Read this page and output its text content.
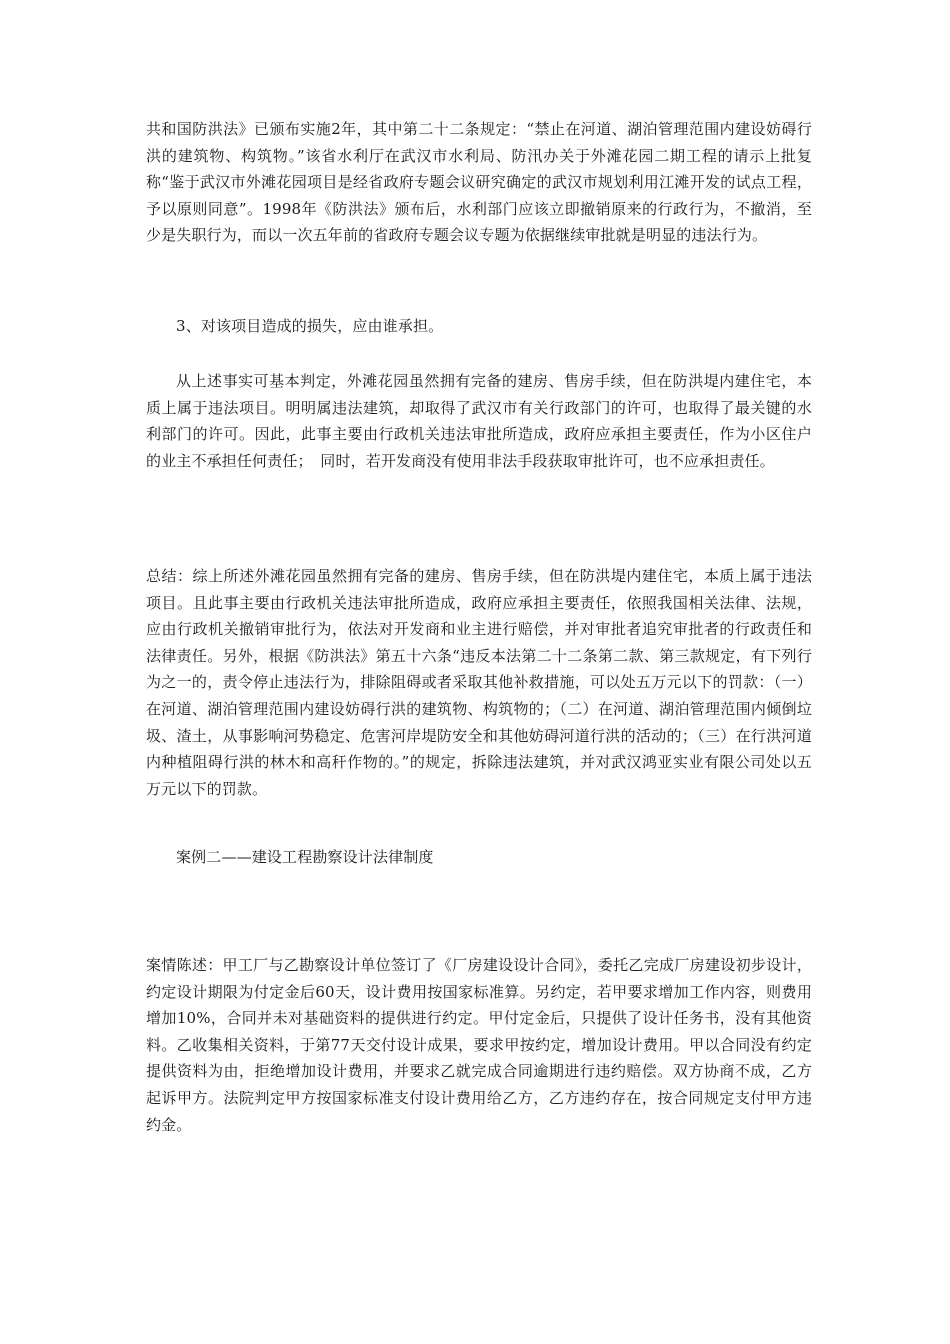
共和国防洪法》已颁布实施2年，其中第二十二条规定：“禁止在河道、湖泊管理范围内建设妨碍行洪的建筑物、构筑物。”该省水利厅在武汉市水利局、防汛办关于外滩花园二期工程的请示上批复称“鉴于武汉市外滩花园项目是经省政府专题会议研究确定的武汉市规划利用江滩开发的试点工程，予以原则同意”。1998年《防洪法》颁布后，水利部门应该立即撤销原来的行政行为，不撤消，至少是失职行为，而以一次五年前的省政府专题会议专题为依据继续审批就是明显的违法行为。

3、对该项目造成的损失，应由谁承担。

从上述事实可基本判定，外滩花园虽然拥有完备的建房、售房手续，但在防洪堤内建住宅，本质上属于违法项目。明明属违法建筑，却取得了武汉市有关行政部门的许可，也取得了最关键的水利部门的许可。因此，此事主要由行政机关违法审批所造成，政府应承担主要责任，作为小区住户的业主不承担任何责任；　同时，若开发商没有使用非法手段获取审批许可，也不应承担责任。

总结：综上所述外滩花园虽然拥有完备的建房、售房手续，但在防洪堤内建住宅，本质上属于违法项目。且此事主要由行政机关违法审批所造成，政府应承担主要责任，依照我国相关法律、法规，应由行政机关撤销审批行为，依法对开发商和业主进行赔偿，并对审批者追究审批者的行政责任和法律责任。另外，根据《防洪法》第五十六条“违反本法第二十二条第二款、第三款规定，有下列行为之一的，责令停止违法行为，排除阻碍或者采取其他补救措施，可以处五万元以下的罚款：（一）在河道、湖泊管理范围内建设妨碍行洪的建筑物、构筑物的；（二）在河道、湖泊管理范围内倾倒垃圾、渣土，从事影响河势稳定、危害河岸堤防安全和其他妨碍河道行洪的活动的；（三）在行洪河道内种植阻碍行洪的林木和高秆作物的。”的规定，拆除违法建筑，并对武汉鸿亚实业有限公司处以五万元以下的罚款。

案例二——建设工程勘察设计法律制度

案情陈述：甲工厂与乙勘察设计单位签订了《厂房建设设计合同》，委托乙完成厂房建设初步设计，约定设计期限为付定金后60天，设计费用按国家标准算。另约定，若甲要求增加工作内容，则费用增加10%，合同并未对基础资料的提供进行约定。甲付定金后，只提供了设计任务书，没有其他资料。乙收集相关资料，于第77天交付设计成果，要求甲按约定，增加设计费用。甲以合同没有约定提供资料为由，拒绝增加设计费用，并要求乙就完成合同逾期进行违约赔偿。双方协商不成，乙方起诉甲方。法院判定甲方按国家标准支付设计费用给乙方，乙方违约存在，按合同规定支付甲方违约金。
